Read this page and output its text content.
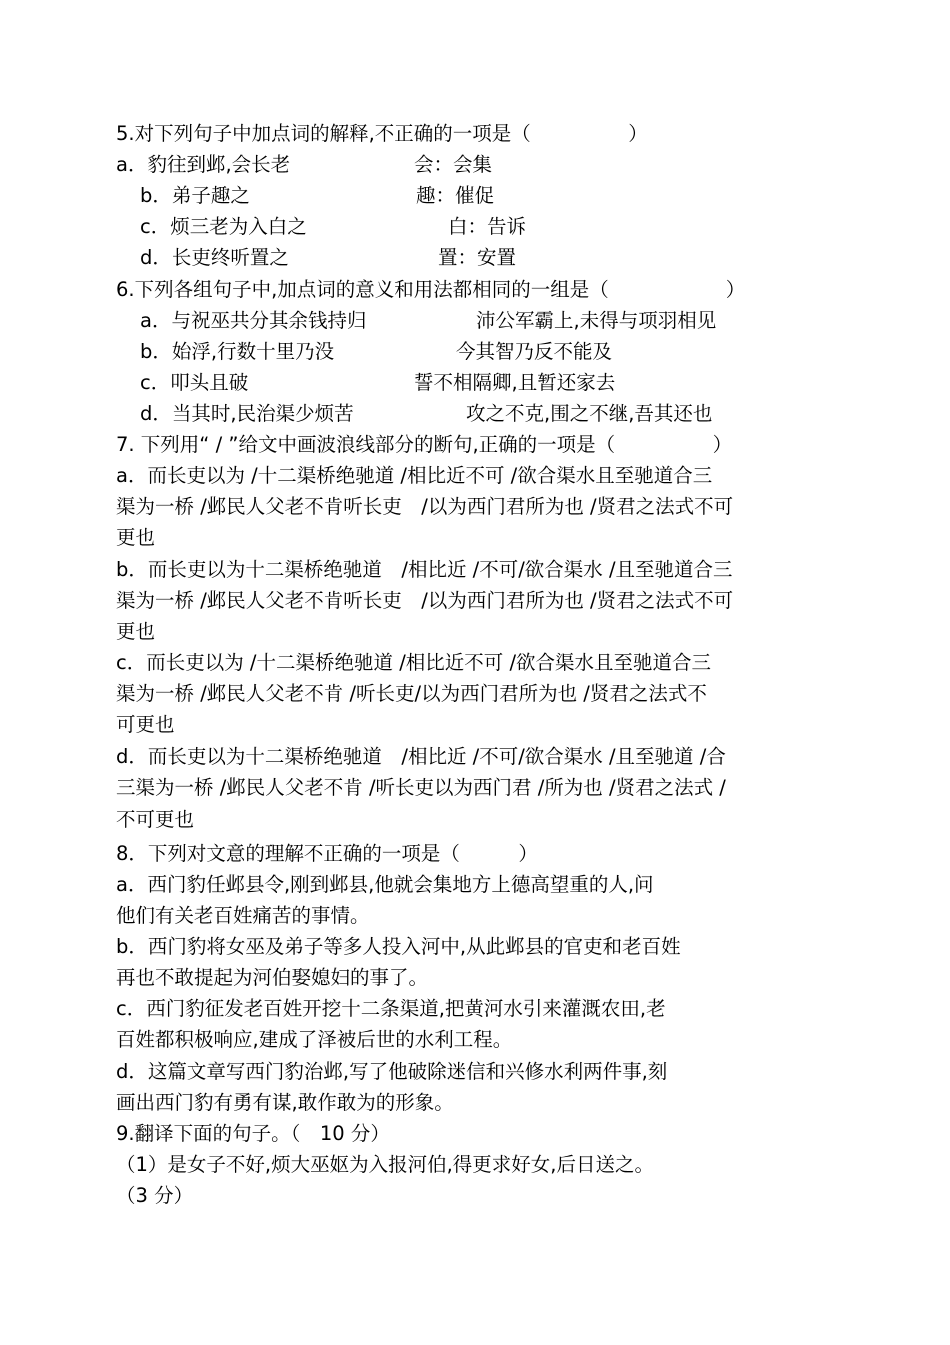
5.对下列句子中加点词的解释,不正确的一项是（　　　　　）
a．豹往到邺,会长老	会：会集
b．弟子趣之	趣：催促
c．烦三老为入白之	白：告诉
d．长吏终听置之	置：安置
6.下列各组句子中,加点词的意义和用法都相同的一组是（　　　　　　）
a．与祝巫共分其余钱持归	沛公军霸上,未得与项羽相见
b．始浮,行数十里乃没	今其智乃反不能及
c．叩头且破	誓不相隔卿,且暂还家去
d．当其时,民治渠少烦苦	攻之不克,围之不继,吾其还也
7. 下列用“ / ”给文中画波浪线部分的断句,正确的一项是（　　　　　）
a．而长吏以为 /十二渠桥绝驰道 /相比近不可 /欲合渠水且至驰道合三
渠为一桥 /邺民人父老不肯听长吏　/以为西门君所为也 /贤君之法式不可
更也
b．而长吏以为十二渠桥绝驰道　/相比近 /不可/欲合渠水 /且至驰道合三
渠为一桥 /邺民人父老不肯听长吏　/以为西门君所为也 /贤君之法式不可
更也
c．而长吏以为 /十二渠桥绝驰道 /相比近不可 /欲合渠水且至驰道合三
渠为一桥 /邺民人父老不肯 /听长吏/以为西门君所为也 /贤君之法式不
可更也
d．而长吏以为十二渠桥绝驰道　/相比近 /不可/欲合渠水 /且至驰道 /合
三渠为一桥 /邺民人父老不肯 /听长吏以为西门君 /所为也 /贤君之法式 /
不可更也
8．下列对文意的理解不正确的一项是（　　　）
a．西门豹任邺县令,刚到邺县,他就会集地方上德高望重的人,问
他们有关老百姓痛苦的事情。
b．西门豹将女巫及弟子等多人投入河中,从此邺县的官吏和老百姓
再也不敢提起为河伯娶媳妇的事了。
c．西门豹征发老百姓开挖十二条渠道,把黄河水引来灌溉农田,老
百姓都积极响应,建成了泽被后世的水利工程。
d．这篇文章写西门豹治邺,写了他破除迷信和兴修水利两件事,刻
画出西门豹有勇有谋,敢作敢为的形象。
9.翻译下面的句子。（　10 分）
（1）是女子不好,烦大巫妪为入报河伯,得更求好女,后日送之。
（3 分）
